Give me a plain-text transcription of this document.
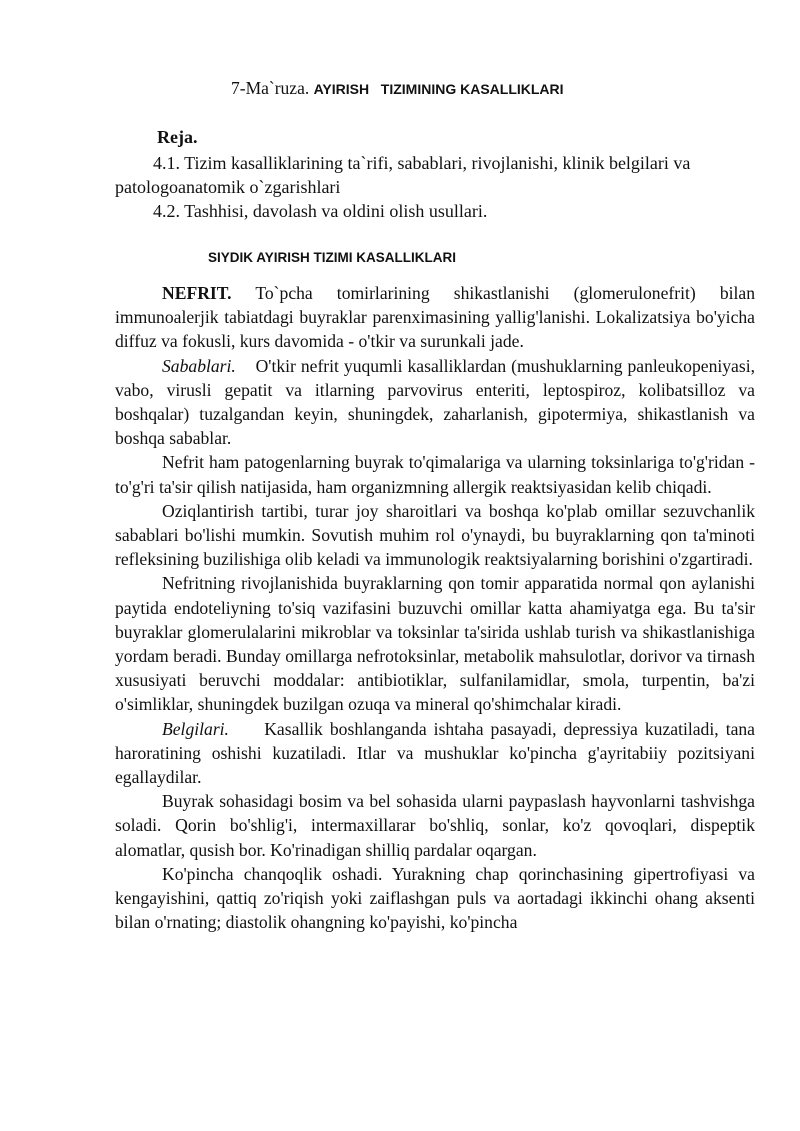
7-Ma`ruza. AYIRISH   TIZIMINING KASALLIKLARI
Reja.

4.1. Tizim kasalliklarining ta`rifi, sabablari, rivojlanishi, klinik belgilari va patologoanatomik o`zgarishlari

4.2. Tashhisi, davolash va oldini olish usullari.

SIYDIK AYIRISH TIZIMI KASALLIKLARI

NEFRIT. To`pcha tomirlarining shikastlanishi (glomerulonefrit) bilan immunoalerjik tabiatdagi buyraklar parenximasining yallig'lanishi. Lokalizatsiya bo'yicha diffuz va fokusli, kurs davomida - o'tkir va surunkali jade.

Sabablari.    O'tkir nefrit yuqumli kasalliklardan (mushuklarning panleukopeniyasi, vabo, virusli gepatit va itlarning parvovirus enteriti, leptospiroz, kolibatsilloz va boshqalar) tuzalgandan keyin, shuningdek, zaharlanish, gipotermiya, shikastlanish va boshqa sabablar.

Nefrit ham patogenlarning buyrak to'qimalariga va ularning toksinlariga to'g'ridan -to'g'ri ta'sir qilish natijasida, ham organizmning allergik reaktsiyasidan kelib chiqadi.

Oziqlantirish tartibi, turar joy sharoitlari va boshqa ko'plab omillar sezuvchanlik sabablari bo'lishi mumkin. Sovutish muhim rol o'ynaydi, bu buyraklarning qon ta'minoti refleksining buzilishiga olib keladi va immunologik reaktsiyalarning borishini o'zgartiradi.

Nefritning rivojlanishida buyraklarning qon tomir apparatida normal qon aylanishi paytida endoteliyning to'siq vazifasini buzuvchi omillar katta ahamiyatga ega. Bu ta'sir buyraklar glomerulalarini mikroblar va toksinlar ta'sirida ushlab turish va shikastlanishiga yordam beradi. Bunday omillarga nefrotoksinlar, metabolik mahsulotlar, dorivor va tirnash xususiyati beruvchi moddalar: antibiotiklar, sulfanilamidlar, smola, turpentin, ba'zi o'simliklar, shuningdek buzilgan ozuqa va mineral qo'shimchalar kiradi.

Belgilari.     Kasallik boshlanganda ishtaha pasayadi, depressiya kuzatiladi, tana haroratining oshishi kuzatiladi. Itlar va mushuklar ko'pincha g'ayritabiiy pozitsiyani egallaydilar.

Buyrak sohasidagi bosim va bel sohasida ularni paypaslash hayvonlarni tashvishga soladi. Qorin bo'shlig'i, intermaxillarar bo'shliq, sonlar, ko'z qovoqlari, dispeptik alomatlar, qusish bor. Ko'rinadigan shilliq pardalar oqargan.

Ko'pincha chanqoqlik oshadi. Yurakning chap qorinchasining gipertrofiyasi va kengayishini, qattiq zo'riqish yoki zaiflashgan puls va aortadagi ikkinchi ohang aksenti bilan o'rnating; diastolik ohangning ko'payishi, ko'pincha
